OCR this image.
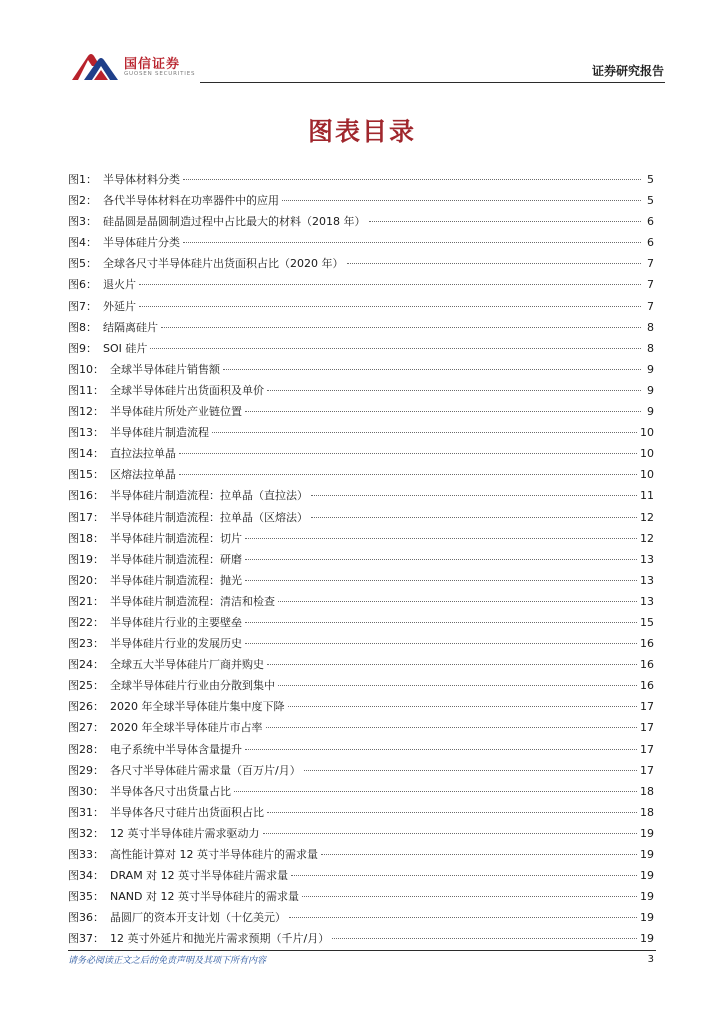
国信证券
GUOSEN SECURITIES	证券研究报告
图表目录
图1： 半导体材料分类	5
图2： 各代半导体材料在功率器件中的应用	5
图3： 硅晶圆是晶圆制造过程中占比最大的材料（2018 年）	6
图4： 半导体硅片分类	6
图5： 全球各尺寸半导体硅片出货面积占比（2020 年）	7
图6： 退火片	7
图7： 外延片	7
图8： 结隔离硅片	8
图9： SOI 硅片	8
图10： 全球半导体硅片销售额	9
图11： 全球半导体硅片出货面积及单价	9
图12： 半导体硅片所处产业链位置	9
图13： 半导体硅片制造流程	10
图14： 直拉法拉单晶	10
图15： 区熔法拉单晶	10
图16： 半导体硅片制造流程：拉单晶（直拉法）	11
图17： 半导体硅片制造流程：拉单晶（区熔法）	12
图18： 半导体硅片制造流程：切片	12
图19： 半导体硅片制造流程：研磨	13
图20： 半导体硅片制造流程：抛光	13
图21： 半导体硅片制造流程：清洁和检查	13
图22： 半导体硅片行业的主要壁垒	15
图23： 半导体硅片行业的发展历史	16
图24： 全球五大半导体硅片厂商并购史	16
图25： 全球半导体硅片行业由分散到集中	16
图26： 2020 年全球半导体硅片集中度下降	17
图27： 2020 年全球半导体硅片市占率	17
图28： 电子系统中半导体含量提升	17
图29： 各尺寸半导体硅片需求量（百万片/月）	17
图30： 半导体各尺寸出货量占比	18
图31： 半导体各尺寸硅片出货面积占比	18
图32： 12 英寸半导体硅片需求驱动力	19
图33： 高性能计算对 12 英寸半导体硅片的需求量	19
图34： DRAM 对 12 英寸半导体硅片需求量	19
图35： NAND 对 12 英寸半导体硅片的需求量	19
图36： 晶圆厂的资本开支计划（十亿美元）	19
图37： 12 英寸外延片和抛光片需求预期（千片/月）	19
请务必阅读正文之后的免责声明及其项下所有内容	3
